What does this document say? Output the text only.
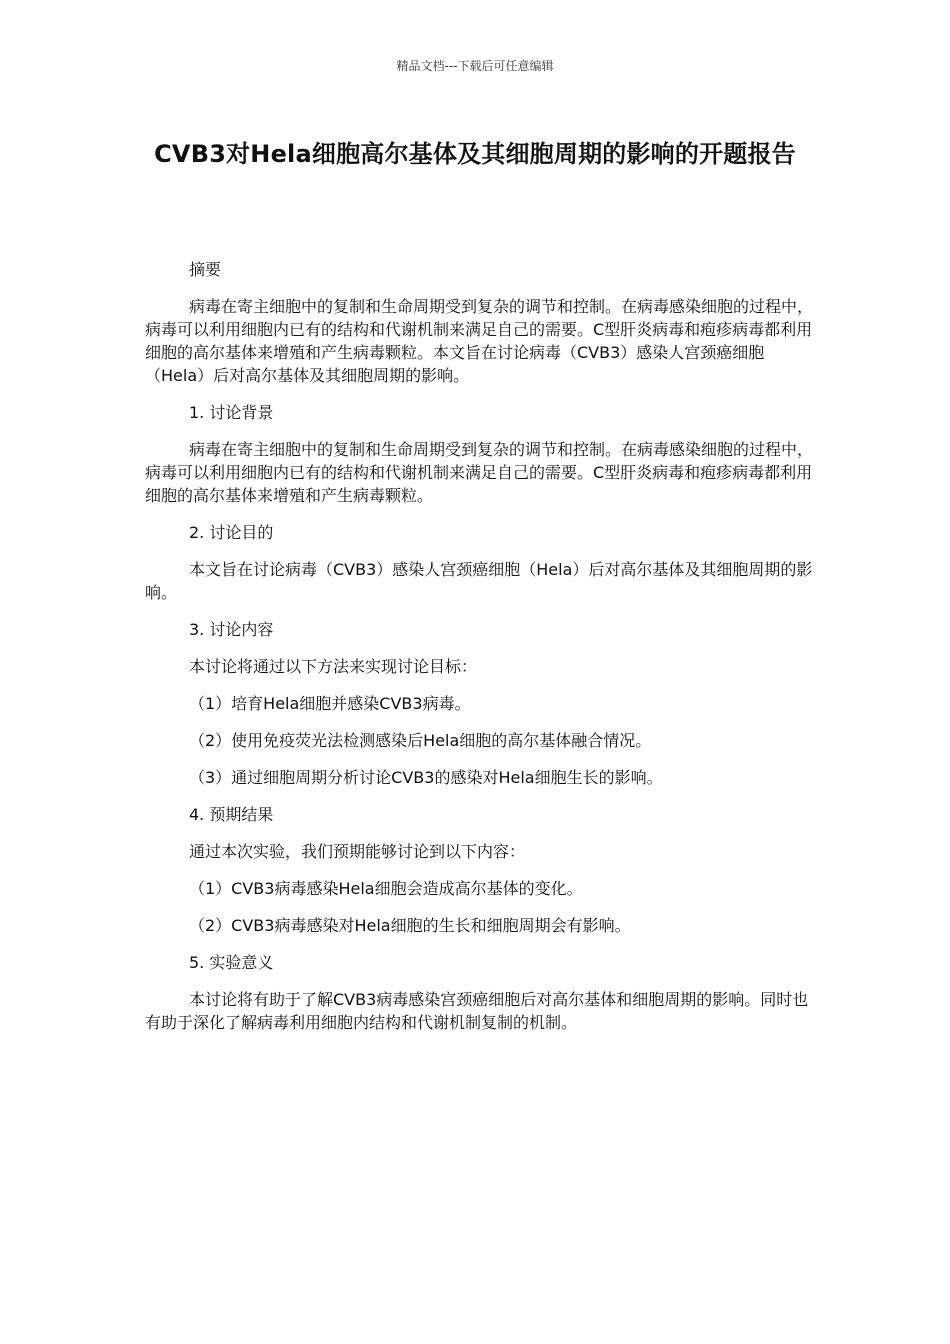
精品文档---下载后可任意编辑
CVB3对Hela细胞高尔基体及其细胞周期的影响的开题报告

摘要

病毒在寄主细胞中的复制和生命周期受到复杂的调节和控制。在病毒感染细胞的过程中，病毒可以利用细胞内已有的结构和代谢机制来满足自己的需要。C型肝炎病毒和疱疹病毒都利用细胞的高尔基体来增殖和产生病毒颗粒。本文旨在讨论病毒（CVB3）感染人宫颈癌细胞（Hela）后对高尔基体及其细胞周期的影响。

1. 讨论背景

病毒在寄主细胞中的复制和生命周期受到复杂的调节和控制。在病毒感染细胞的过程中，病毒可以利用细胞内已有的结构和代谢机制来满足自己的需要。C型肝炎病毒和疱疹病毒都利用细胞的高尔基体来增殖和产生病毒颗粒。

2. 讨论目的

本文旨在讨论病毒（CVB3）感染人宫颈癌细胞（Hela）后对高尔基体及其细胞周期的影响。

3. 讨论内容

本讨论将通过以下方法来实现讨论目标：

（1）培育Hela细胞并感染CVB3病毒。

（2）使用免疫荧光法检测感染后Hela细胞的高尔基体融合情况。

（3）通过细胞周期分析讨论CVB3的感染对Hela细胞生长的影响。

4. 预期结果

通过本次实验，我们预期能够讨论到以下内容：

（1）CVB3病毒感染Hela细胞会造成高尔基体的变化。

（2）CVB3病毒感染对Hela细胞的生长和细胞周期会有影响。

5. 实验意义

本讨论将有助于了解CVB3病毒感染宫颈癌细胞后对高尔基体和细胞周期的影响。同时也有助于深化了解病毒利用细胞内结构和代谢机制复制的机制。
